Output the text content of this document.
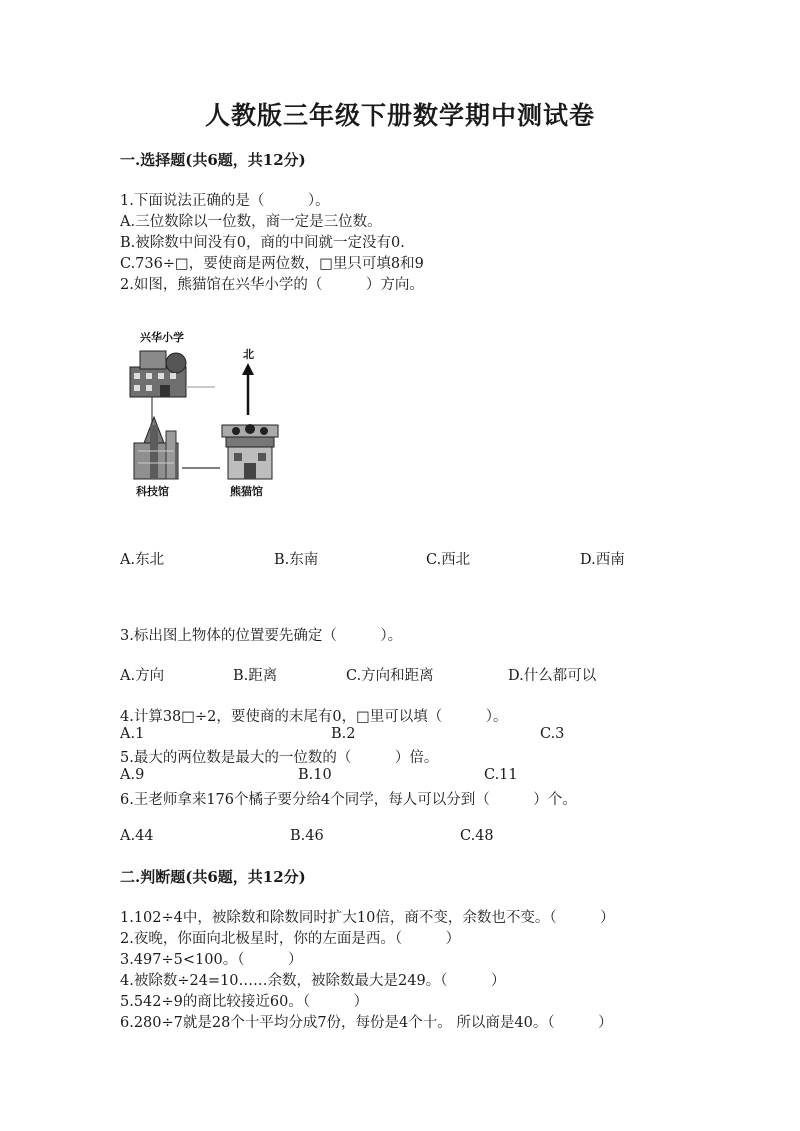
人教版三年级下册数学期中测试卷
一.选择题(共6题，共12分)
1.下面说法正确的是（　　　）。
A.三位数除以一位数，商一定是三位数。
B.被除数中间没有0，商的中间就一定没有0.
C.736÷□，要使商是两位数，□里只可填8和9
2.如图，熊猫馆在兴华小学的（　　　）方向。
兴华小学
北
科技馆	熊猫馆
A.东北	B.东南	C.西北	D.西南
3.标出图上物体的位置要先确定（　　　）。
A.方向	B.距离	C.方向和距离	D.什么都可以
4.计算38□÷2，要使商的末尾有0，□里可以填（　　　）。
A.1	B.2	C.3
5.最大的两位数是最大的一位数的（　　　）倍。
A.9	B.10	C.11
6.王老师拿来176个橘子要分给4个同学，每人可以分到（　　　）个。
A.44	B.46	C.48
二.判断题(共6题，共12分)
1.102÷4中，被除数和除数同时扩大10倍，商不变，余数也不变。（　　　）
2.夜晚，你面向北极星时，你的左面是西。（　　　）
3.497÷5<100。（　　　）
4.被除数÷24=10……余数，被除数最大是249。（　　　）
5.542÷9的商比较接近60。（　　　）
6.280÷7就是28个十平均分成7份，每份是4个十。 所以商是40。（　　　）
